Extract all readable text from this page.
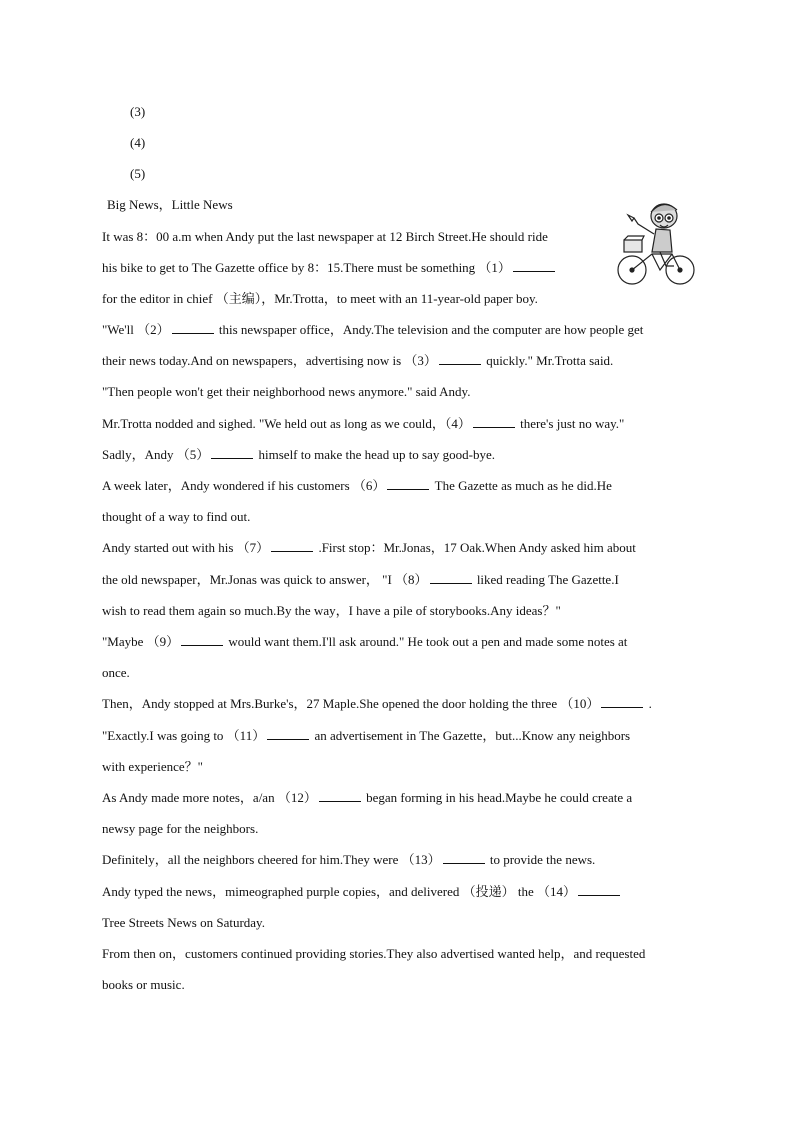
(3)
(4)
(5)
Big News，Little News
It was 8：00 a.m when Andy put the last newspaper at 12 Birch Street.He should ride
his bike to get to The Gazette office by 8：15.There must be something （1）
for the editor in chief （主编），Mr.Trotta，to meet with an 11-year-old paper boy.
"We'll （2）	this newspaper office，Andy.The television and the computer are how people get
their news today.And on newspapers，advertising now is （3）	quickly." Mr.Trotta said.
"Then people won't get their neighborhood news anymore." said Andy.
Mr.Trotta nodded and sighed. "We held out as long as we could，（4）	there's just no way."
Sadly，Andy （5）	himself to make the head up to say good-bye.
A week later，Andy wondered if his customers （6）	The Gazette as much as he did.He
thought of a way to find out.
Andy started out with his （7）	.First stop：Mr.Jonas，17 Oak.When Andy asked him about
the old newspaper，Mr.Jonas was quick to answer， "I （8）	liked reading The Gazette.I
wish to read them again so much.By the way，I have a pile of storybooks.Any ideas？"
"Maybe （9）	would want them.I'll ask around." He took out a pen and made some notes at
once.
Then，Andy stopped at Mrs.Burke's，27 Maple.She opened the door holding the three （10）	.
"Exactly.I was going to （11）	an advertisement in The Gazette，but...Know any neighbors
with experience？"
As Andy made more notes，a/an （12）	began forming in his head.Maybe he could create a
newsy page for the neighbors.
Definitely，all the neighbors cheered for him.They were （13）	to provide the news.
Andy typed the news，mimeographed purple copies，and delivered （投递） the （14）
Tree Streets News on Saturday.
From then on，customers continued providing stories.They also advertised wanted help，and requested
books or music.
